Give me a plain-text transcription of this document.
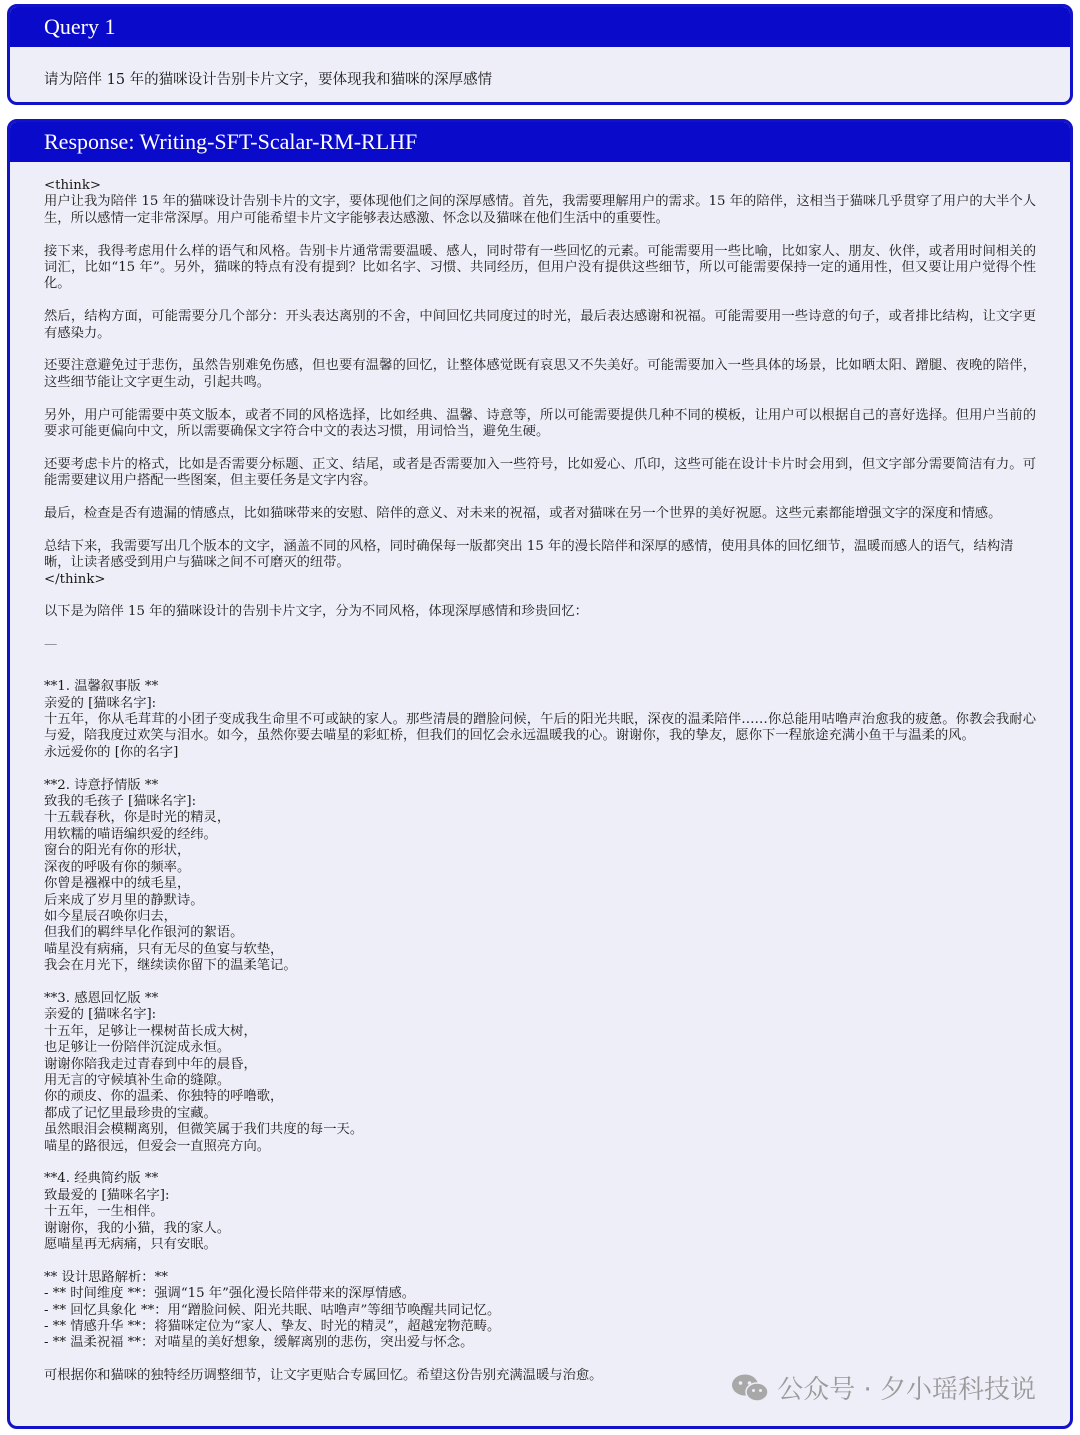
Query 1
请为陪伴 15 年的猫咪设计告别卡片文字，要体现我和猫咪的深厚感情
Response: Writing-SFT-Scalar-RM-RLHF
<think>
用户让我为陪伴 15 年的猫咪设计告别卡片的文字，要体现他们之间的深厚感情。首先，我需要理解用户的需求。15 年的陪伴，这相当于猫咪几乎贯穿了用户的大半个人生，所以感情一定非常深厚。用户可能希望卡片文字能够表达感激、怀念以及猫咪在他们生活中的重要性。
接下来，我得考虑用什么样的语气和风格。告别卡片通常需要温暖、感人，同时带有一些回忆的元素。可能需要用一些比喻，比如家人、朋友、伙伴，或者用时间相关的词汇，比如“15 年”。另外，猫咪的特点有没有提到？比如名字、习惯、共同经历，但用户没有提供这些细节，所以可能需要保持一定的通用性，但又要让用户觉得个性化。
然后，结构方面，可能需要分几个部分：开头表达离别的不舍，中间回忆共同度过的时光，最后表达感谢和祝福。可能需要用一些诗意的句子，或者排比结构，让文字更有感染力。
还要注意避免过于悲伤，虽然告别难免伤感，但也要有温馨的回忆，让整体感觉既有哀思又不失美好。可能需要加入一些具体的场景，比如晒太阳、蹭腿、夜晚的陪伴，这些细节能让文字更生动，引起共鸣。
另外，用户可能需要中英文版本，或者不同的风格选择，比如经典、温馨、诗意等，所以可能需要提供几种不同的模板，让用户可以根据自己的喜好选择。但用户当前的要求可能更偏向中文，所以需要确保文字符合中文的表达习惯，用词恰当，避免生硬。
还要考虑卡片的格式，比如是否需要分标题、正文、结尾，或者是否需要加入一些符号，比如爱心、爪印，这些可能在设计卡片时会用到，但文字部分需要简洁有力。可能需要建议用户搭配一些图案，但主要任务是文字内容。
最后，检查是否有遗漏的情感点，比如猫咪带来的安慰、陪伴的意义、对未来的祝福，或者对猫咪在另一个世界的美好祝愿。这些元素都能增强文字的深度和情感。
总结下来，我需要写出几个版本的文字，涵盖不同的风格，同时确保每一版都突出 15 年的漫长陪伴和深厚的感情，使用具体的回忆细节，温暖而感人的语气，结构清晰，让读者感受到用户与猫咪之间不可磨灭的纽带。
</think>
以下是为陪伴 15 年的猫咪设计的告别卡片文字，分为不同风格，体现深厚感情和珍贵回忆：
—
**1. 温馨叙事版 **
亲爱的 [猫咪名字]:
十五年，你从毛茸茸的小团子变成我生命里不可或缺的家人。那些清晨的蹭脸问候，午后的阳光共眠，深夜的温柔陪伴……你总能用咕噜声治愈我的疲惫。你教会我耐心与爱，陪我度过欢笑与泪水。如今，虽然你要去喵星的彩虹桥，但我们的回忆会永远温暖我的心。谢谢你，我的挚友，愿你下一程旅途充满小鱼干与温柔的风。
永远爱你的 [你的名字]
**2. 诗意抒情版 **
致我的毛孩子 [猫咪名字]:
十五载春秋，你是时光的精灵，
用软糯的喵语编织爱的经纬。
窗台的阳光有你的形状，
深夜的呼吸有你的频率。
你曾是襁褓中的绒毛星，
后来成了岁月里的静默诗。
如今星辰召唤你归去，
但我们的羁绊早化作银河的絮语。
喵星没有病痛，只有无尽的鱼宴与软垫，
我会在月光下，继续读你留下的温柔笔记。
**3. 感恩回忆版 **
亲爱的 [猫咪名字]:
十五年，足够让一棵树苗长成大树，
也足够让一份陪伴沉淀成永恒。
谢谢你陪我走过青春到中年的晨昏，
用无言的守候填补生命的缝隙。
你的顽皮、你的温柔、你独特的呼噜歌，
都成了记忆里最珍贵的宝藏。
虽然眼泪会模糊离别，但微笑属于我们共度的每一天。
喵星的路很远，但爱会一直照亮方向。
**4. 经典简约版 **
致最爱的 [猫咪名字]:
十五年，一生相伴。
谢谢你，我的小猫，我的家人。
愿喵星再无病痛，只有安眠。
** 设计思路解析：**
- ** 时间维度 **：强调“15 年”强化漫长陪伴带来的深厚情感。
- ** 回忆具象化 **：用“蹭脸问候、阳光共眠、咕噜声”等细节唤醒共同记忆。
- ** 情感升华 **：将猫咪定位为“家人、挚友、时光的精灵”，超越宠物范畴。
- ** 温柔祝福 **：对喵星的美好想象，缓解离别的悲伤，突出爱与怀念。
可根据你和猫咪的独特经历调整细节，让文字更贴合专属回忆。希望这份告别充满温暖与治愈。	公众号 · 夕小瑶科技说
